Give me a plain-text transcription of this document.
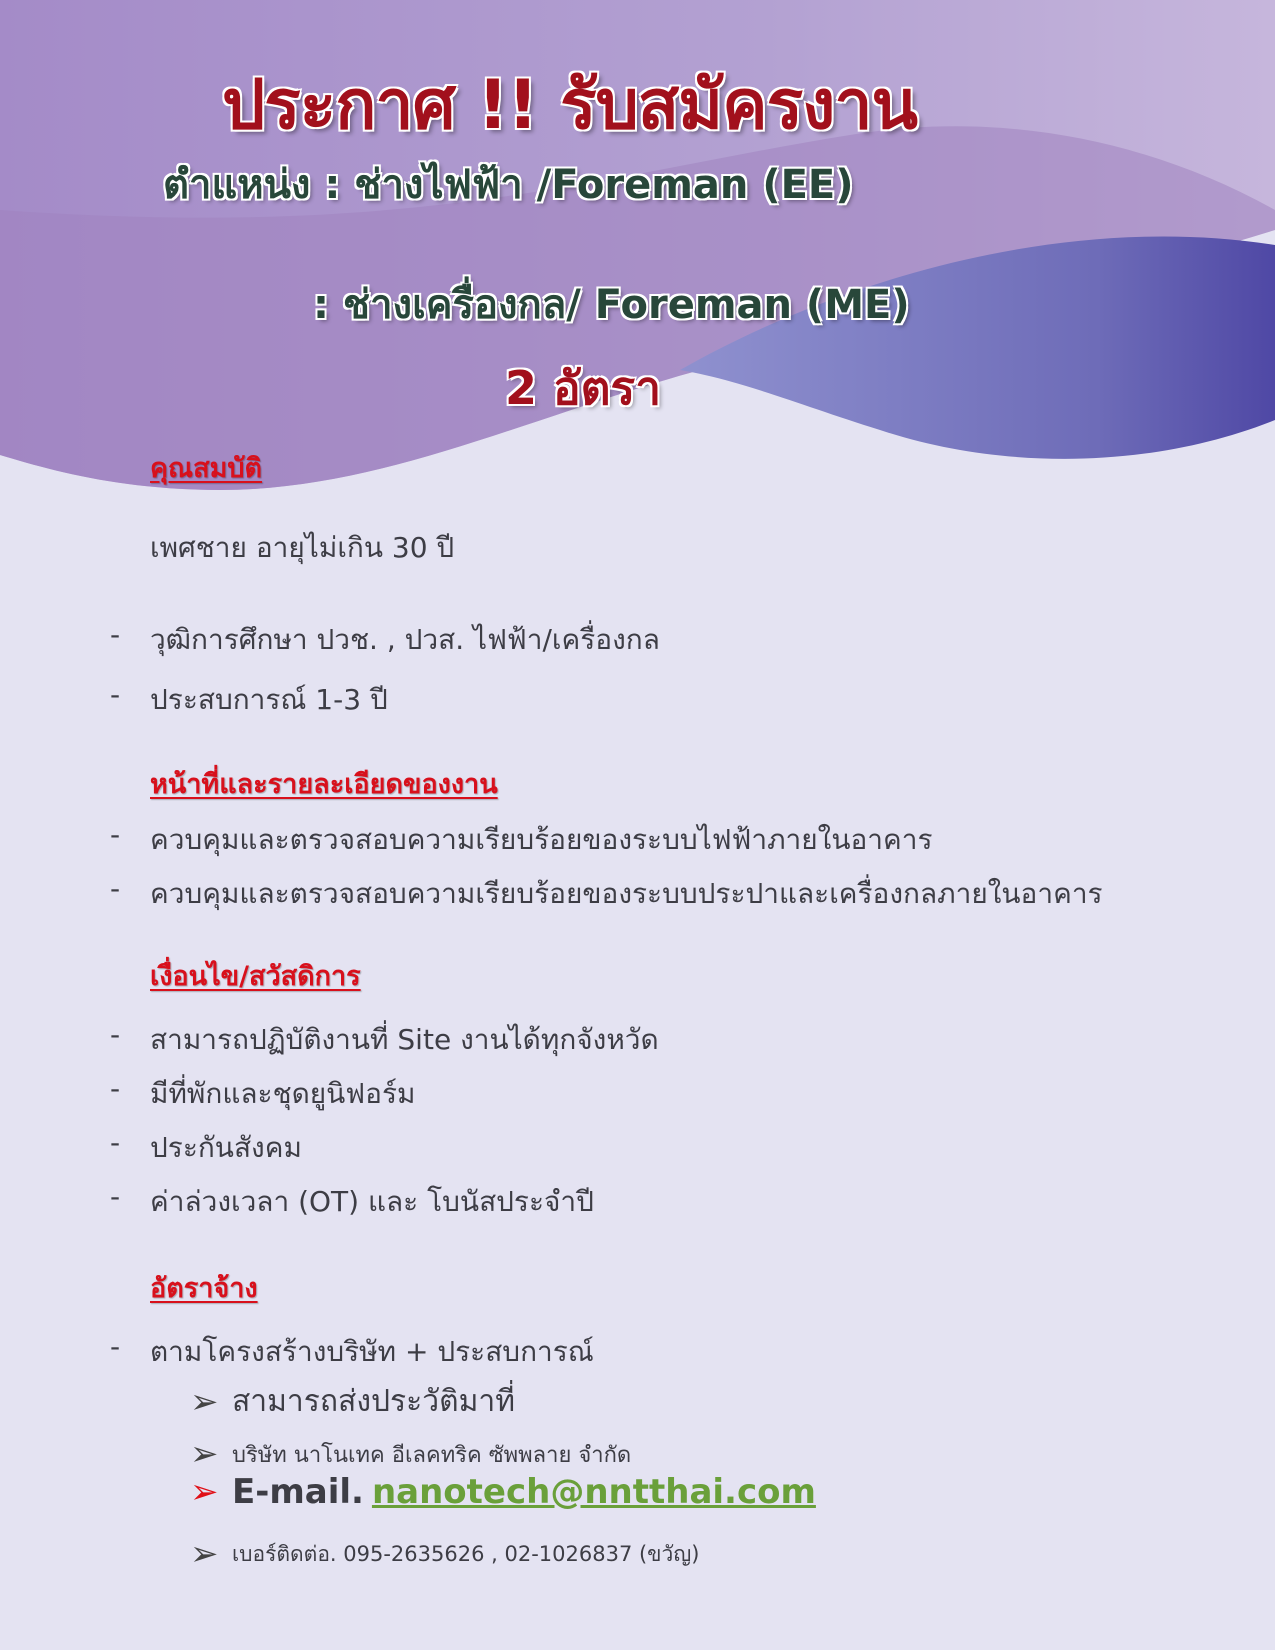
ประกาศ !! รับสมัครงาน
ตำแหน่ง : ช่างไฟฟ้า /Foreman (EE)
: ช่างเครื่องกล/ Foreman (ME)
2 อัตรา
คุณสมบัติ
เพศชาย อายุไม่เกิน 30 ปี
-	วุฒิการศึกษา ปวช. , ปวส. ไฟฟ้า/เครื่องกล
-	ประสบการณ์ 1-3 ปี
หน้าที่และรายละเอียดของงาน
-	ควบคุมและตรวจสอบความเรียบร้อยของระบบไฟฟ้าภายในอาคาร
-	ควบคุมและตรวจสอบความเรียบร้อยของระบบประปาและเครื่องกลภายในอาคาร
เงื่อนไข/สวัสดิการ
-	สามารถปฏิบัติงานที่ Site งานได้ทุกจังหวัด
-	มีที่พักและชุดยูนิฟอร์ม
-	ประกันสังคม
-	ค่าล่วงเวลา (OT) และ โบนัสประจำปี
อัตราจ้าง
-	ตามโครงสร้างบริษัท + ประสบการณ์
➢ สามารถส่งประวัติมาที่
➢ บริษัท นาโนเทค อีเลคทริค ซัพพลาย จำกัด
➢ E-mail. nanotech@nntthai.com
➢ เบอร์ติดต่อ. 095-2635626 , 02-1026837 (ขวัญ)
